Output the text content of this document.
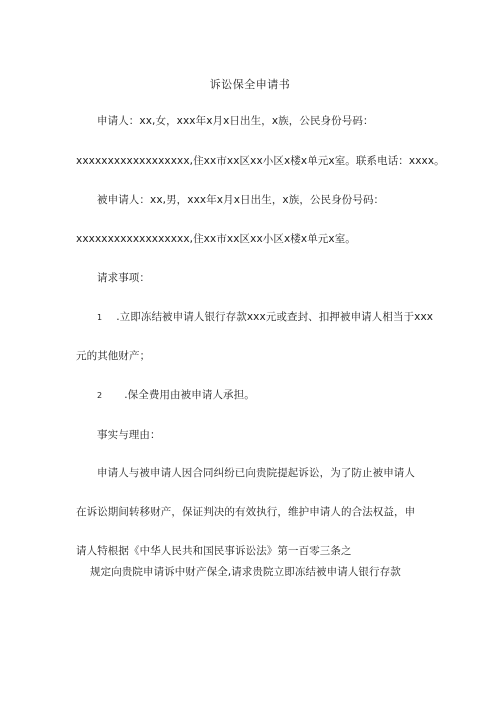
诉讼保全申请书
申请人：xx,女，xxx年x月x日出生，x族，公民身份号码：
xxxxxxxxxxxxxxxxxx,住xx市xx区xx小区x楼x单元x室。联系电话：xxxx。
被申请人：xx,男，xxx年x月x日出生，x族，公民身份号码：
xxxxxxxxxxxxxxxxxx,住xx市xx区xx小区x楼x单元x室。
请求事项：
1 .立即冻结被申请人银行存款xxx元或查封、扣押被申请人相当于xxx
元的其他财产；
2 .保全费用由被申请人承担。
事实与理由：
申请人与被申请人因合同纠纷已向贵院提起诉讼，为了防止被申请人
在诉讼期间转移财产，保证判决的有效执行，维护申请人的合法权益，申
请人特根据《中华人民共和国民事诉讼法》第一百零三条之
规定向贵院申请诉中财产保全,请求贵院立即冻结被申请人银行存款
